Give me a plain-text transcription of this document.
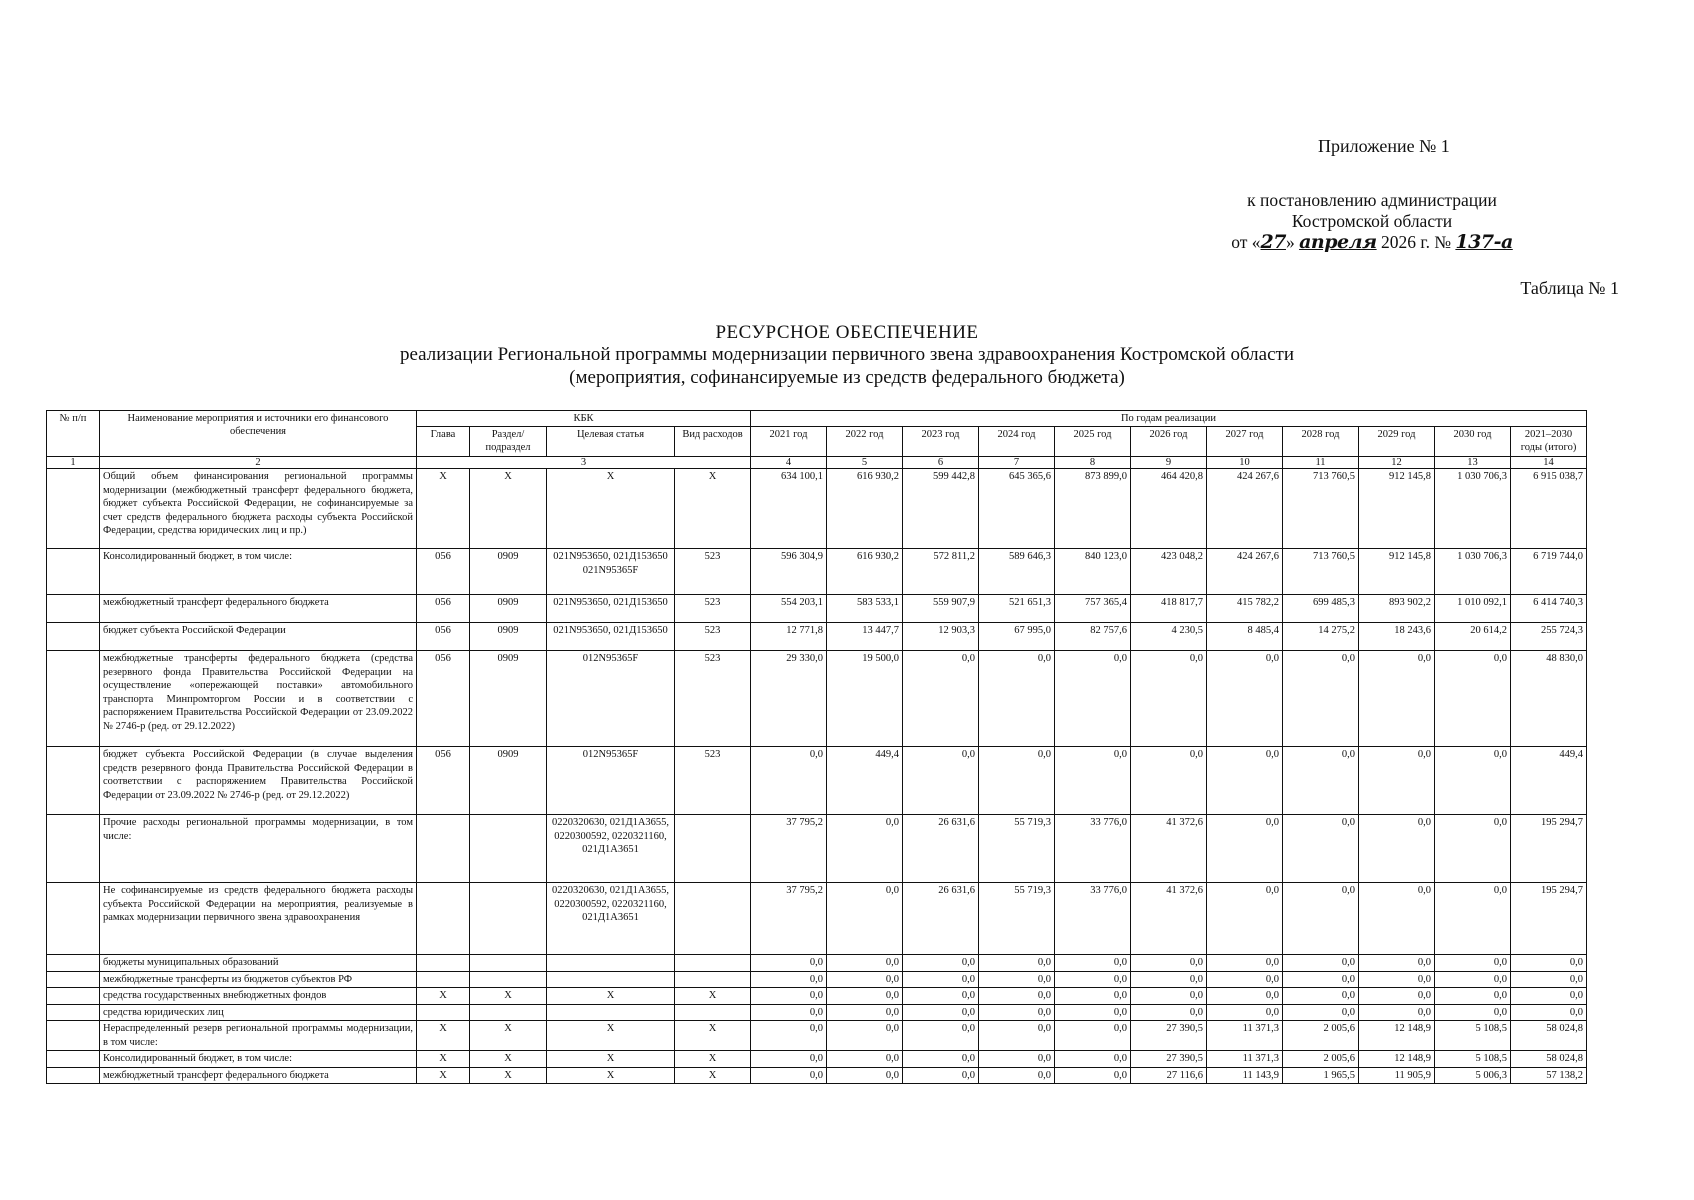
Приложение № 1
к постановлению администрации
Костромской области
от «27» апреля 2026 г. № 137-а
Таблица № 1
РЕСУРСНОЕ ОБЕСПЕЧЕНИЕ
реализации Региональной программы модернизации первичного звена здравоохранения Костромской области
(мероприятия, софинансируемые из средств федерального бюджета)
№ п/п	Наименование мероприятия и источники его финансового обеспечения	КБК				По годам реализации										
		Глава	Раздел/ подраздел	Целевая статья	Вид расходов	2021 год	2022 год	2023 год	2024 год	2025 год	2026 год	2027 год	2028 год	2029 год	2030 год	2021–2030 годы (итого)
1	2	3				4	5	6	7	8	9	10	11	12	13	14
	Общий объем финансирования региональной программы модернизации (межбюджетный трансферт федерального бюджета, бюджет субъекта Российской Федерации, не софинансируемые за счет средств федерального бюджета расходы субъекта Российской Федерации, средства юридических лиц и пр.)	Х	Х	Х	Х	634 100,1	616 930,2	599 442,8	645 365,6	873 899,0	464 420,8	424 267,6	713 760,5	912 145,8	1 030 706,3	6 915 038,7
	Консолидированный бюджет, в том числе:	056	0909	021N953650, 021Д153650 021N95365F	523	596 304,9	616 930,2	572 811,2	589 646,3	840 123,0	423 048,2	424 267,6	713 760,5	912 145,8	1 030 706,3	6 719 744,0
	межбюджетный трансферт федерального бюджета	056	0909	021N953650, 021Д153650	523	554 203,1	583 533,1	559 907,9	521 651,3	757 365,4	418 817,7	415 782,2	699 485,3	893 902,2	1 010 092,1	6 414 740,3
	бюджет субъекта Российской Федерации	056	0909	021N953650, 021Д153650	523	12 771,8	13 447,7	12 903,3	67 995,0	82 757,6	4 230,5	8 485,4	14 275,2	18 243,6	20 614,2	255 724,3
	межбюджетные трансферты федерального бюджета (средства резервного фонда Правительства Российской Федерации на осуществление «опережающей поставки» автомобильного транспорта Минпромторгом России и в соответствии с распоряжением Правительства Российской Федерации от 23.09.2022 № 2746-р (ред. от 29.12.2022)	056	0909	012N95365F	523	29 330,0	19 500,0	0,0	0,0	0,0	0,0	0,0	0,0	0,0	0,0	48 830,0
	бюджет субъекта Российской Федерации (в случае выделения средств резервного фонда Правительства Российской Федерации в соответствии с распоряжением Правительства Российской Федерации от 23.09.2022 № 2746-р (ред. от 29.12.2022)	056	0909	012N95365F	523	0,0	449,4	0,0	0,0	0,0	0,0	0,0	0,0	0,0	0,0	449,4
	Прочие расходы региональной программы модернизации, в том числе:			0220320630, 021Д1А3655, 0220300592, 0220321160, 021Д1А3651		37 795,2	0,0	26 631,6	55 719,3	33 776,0	41 372,6	0,0	0,0	0,0	0,0	195 294,7
	Не софинансируемые из средств федерального бюджета расходы субъекта Российской Федерации на мероприятия, реализуемые в рамках модернизации первичного звена здравоохранения			0220320630, 021Д1А3655, 0220300592, 0220321160, 021Д1А3651		37 795,2	0,0	26 631,6	55 719,3	33 776,0	41 372,6	0,0	0,0	0,0	0,0	195 294,7
	бюджеты муниципальных образований					0,0	0,0	0,0	0,0	0,0	0,0	0,0	0,0	0,0	0,0	0,0
	межбюджетные трансферты из бюджетов субъектов РФ					0,0	0,0	0,0	0,0	0,0	0,0	0,0	0,0	0,0	0,0	0,0
	средства государственных внебюджетных фондов	Х	Х	Х	Х	0,0	0,0	0,0	0,0	0,0	0,0	0,0	0,0	0,0	0,0	0,0
	средства юридических лиц					0,0	0,0	0,0	0,0	0,0	0,0	0,0	0,0	0,0	0,0	0,0
	Нераспределенный резерв региональной программы модернизации, в том числе:	Х	Х	Х	Х	0,0	0,0	0,0	0,0	0,0	27 390,5	11 371,3	2 005,6	12 148,9	5 108,5	58 024,8
	Консолидированный бюджет, в том числе:	Х	Х	Х	Х	0,0	0,0	0,0	0,0	0,0	27 390,5	11 371,3	2 005,6	12 148,9	5 108,5	58 024,8
	межбюджетный трансферт федерального бюджета	Х	Х	Х	Х	0,0	0,0	0,0	0,0	0,0	27 116,6	11 143,9	1 965,5	11 905,9	5 006,3	57 138,2
